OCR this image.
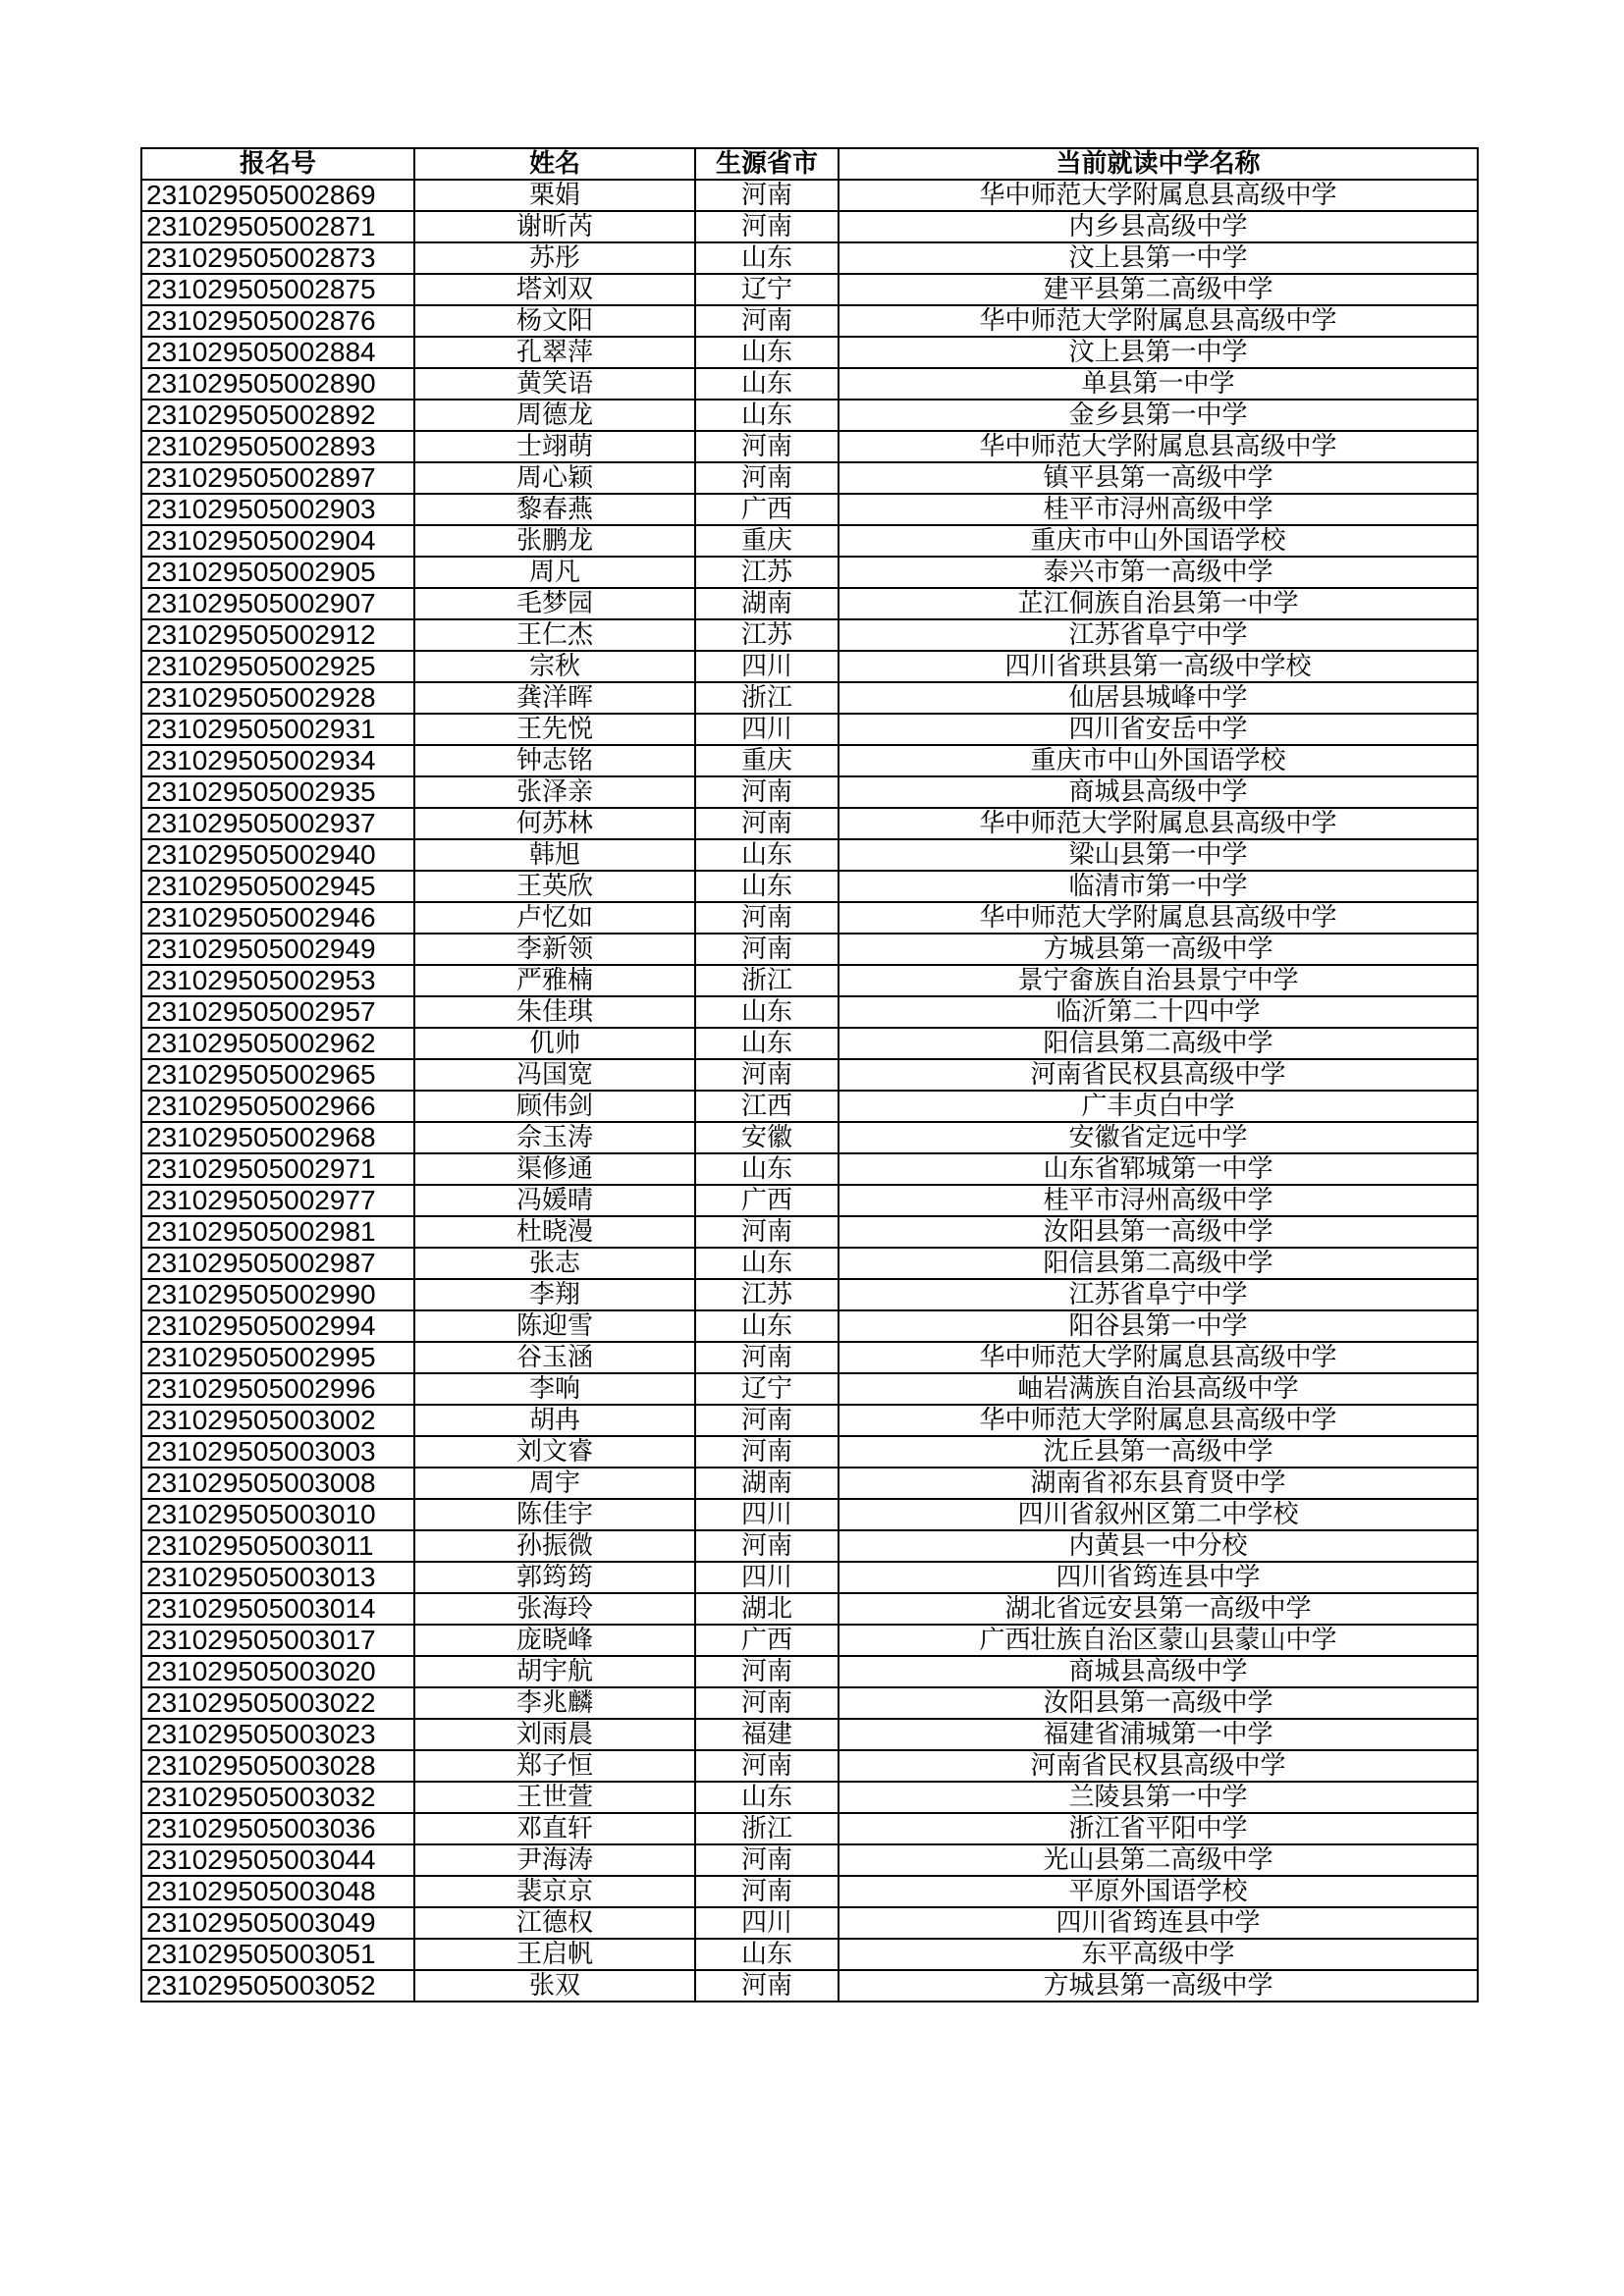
报名号	姓名	生源省市	当前就读中学名称
231029505002869	栗娟	河南	华中师范大学附属息县高级中学
231029505002871	谢昕芮	河南	内乡县高级中学
231029505002873	苏彤	山东	汶上县第一中学
231029505002875	塔刘双	辽宁	建平县第二高级中学
231029505002876	杨文阳	河南	华中师范大学附属息县高级中学
231029505002884	孔翠萍	山东	汶上县第一中学
231029505002890	黄笑语	山东	单县第一中学
231029505002892	周德龙	山东	金乡县第一中学
231029505002893	士翊萌	河南	华中师范大学附属息县高级中学
231029505002897	周心颖	河南	镇平县第一高级中学
231029505002903	黎春燕	广西	桂平市浔州高级中学
231029505002904	张鹏龙	重庆	重庆市中山外国语学校
231029505002905	周凡	江苏	泰兴市第一高级中学
231029505002907	毛梦园	湖南	芷江侗族自治县第一中学
231029505002912	王仁杰	江苏	江苏省阜宁中学
231029505002925	宗秋	四川	四川省珙县第一高级中学校
231029505002928	龚洋晖	浙江	仙居县城峰中学
231029505002931	王先悦	四川	四川省安岳中学
231029505002934	钟志铭	重庆	重庆市中山外国语学校
231029505002935	张泽亲	河南	商城县高级中学
231029505002937	何苏林	河南	华中师范大学附属息县高级中学
231029505002940	韩旭	山东	梁山县第一中学
231029505002945	王英欣	山东	临清市第一中学
231029505002946	卢忆如	河南	华中师范大学附属息县高级中学
231029505002949	李新领	河南	方城县第一高级中学
231029505002953	严雅楠	浙江	景宁畲族自治县景宁中学
231029505002957	朱佳琪	山东	临沂第二十四中学
231029505002962	仉帅	山东	阳信县第二高级中学
231029505002965	冯国宽	河南	河南省民权县高级中学
231029505002966	顾伟剑	江西	广丰贞白中学
231029505002968	佘玉涛	安徽	安徽省定远中学
231029505002971	渠修通	山东	山东省郓城第一中学
231029505002977	冯媛晴	广西	桂平市浔州高级中学
231029505002981	杜晓漫	河南	汝阳县第一高级中学
231029505002987	张志	山东	阳信县第二高级中学
231029505002990	李翔	江苏	江苏省阜宁中学
231029505002994	陈迎雪	山东	阳谷县第一中学
231029505002995	谷玉涵	河南	华中师范大学附属息县高级中学
231029505002996	李响	辽宁	岫岩满族自治县高级中学
231029505003002	胡冉	河南	华中师范大学附属息县高级中学
231029505003003	刘文睿	河南	沈丘县第一高级中学
231029505003008	周宇	湖南	湖南省祁东县育贤中学
231029505003010	陈佳宇	四川	四川省叙州区第二中学校
231029505003011	孙振微	河南	内黄县一中分校
231029505003013	郭筠筠	四川	四川省筠连县中学
231029505003014	张海玲	湖北	湖北省远安县第一高级中学
231029505003017	庞晓峰	广西	广西壮族自治区蒙山县蒙山中学
231029505003020	胡宇航	河南	商城县高级中学
231029505003022	李兆麟	河南	汝阳县第一高级中学
231029505003023	刘雨晨	福建	福建省浦城第一中学
231029505003028	郑子恒	河南	河南省民权县高级中学
231029505003032	王世萱	山东	兰陵县第一中学
231029505003036	邓直轩	浙江	浙江省平阳中学
231029505003044	尹海涛	河南	光山县第二高级中学
231029505003048	裴京京	河南	平原外国语学校
231029505003049	江德权	四川	四川省筠连县中学
231029505003051	王启帆	山东	东平高级中学
231029505003052	张双	河南	方城县第一高级中学
